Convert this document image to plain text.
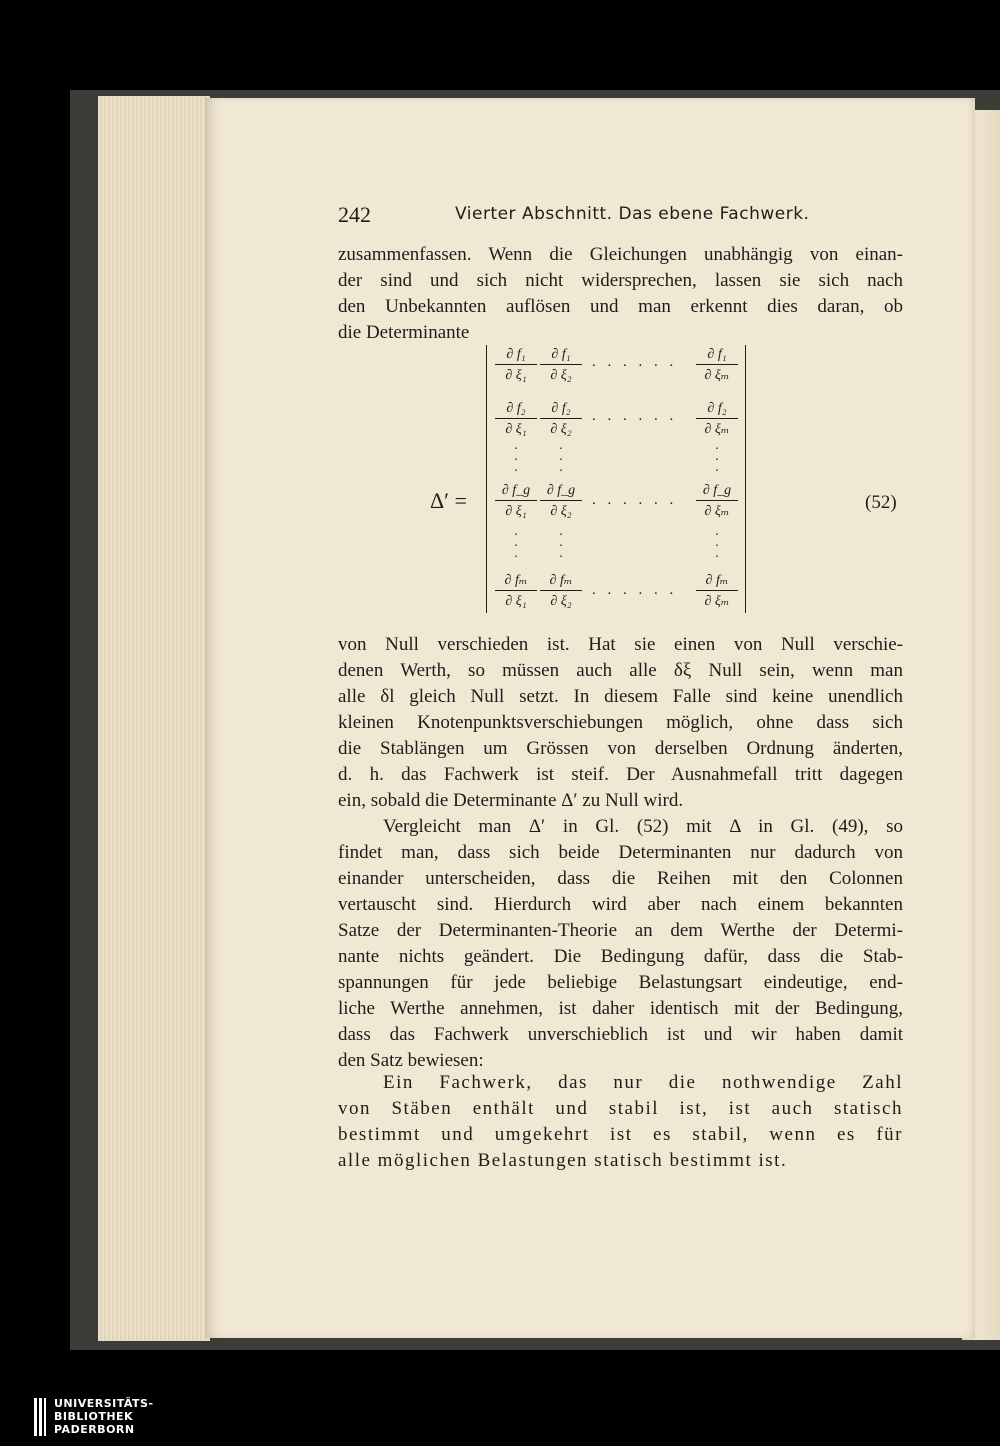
242	Vierter Abschnitt. Das ebene Fachwerk.
zusammenfassen. Wenn die Gleichungen unabhängig von einan-
der sind und sich nicht widersprechen, lassen sie sich nach
den Unbekannten auflösen und man erkennt dies daran, ob
die Determinante
Δ′ =	(52)
$\frac{\text{∂ f₁}}{\text{∂ ξ₁}} \frac{\text{∂ f₁}}{\text{∂ ξ₂}}$ . . . . . . $\frac{\text{∂ f₁}}{\text{∂ ξₘ}}$
$\frac{\text{∂ f₂}}{\text{∂ ξ₁}} \frac{\text{∂ f₂}}{\text{∂ ξ₂}}$ . . . . . . $\frac{\text{∂ f₂}}{\text{∂ ξₘ}}$
·
·
·
·
·
·
·
·
·
$\frac{\partial f\_g}{\text{∂ ξ₁}} \frac{\partial f\_g}{\text{∂ ξ₂}}$ . . . . . . $\frac{\partial f\_g}{\text{∂ ξₘ}}$
·
·
·
·
·
·
·
·
·
$\frac{\text{∂ fₘ}}{\text{∂ ξ₁}} \frac{\text{∂ fₘ}}{\text{∂ ξ₂}}$ . . . . . . $\frac{\text{∂ fₘ}}{\text{∂ ξₘ}}$
von Null verschieden ist. Hat sie einen von Null verschie-
denen Werth, so müssen auch alle δξ Null sein, wenn man
alle δl gleich Null setzt. In diesem Falle sind keine unendlich
kleinen Knotenpunktsverschiebungen möglich, ohne dass sich
die Stablängen um Grössen von derselben Ordnung änderten,
d. h. das Fachwerk ist steif. Der Ausnahmefall tritt dagegen
ein, sobald die Determinante Δ′ zu Null wird.
Vergleicht man Δ′ in Gl. (52) mit Δ in Gl. (49), so
findet man, dass sich beide Determinanten nur dadurch von
einander unterscheiden, dass die Reihen mit den Colonnen
vertauscht sind. Hierdurch wird aber nach einem bekannten
Satze der Determinanten-Theorie an dem Werthe der Determi-
nante nichts geändert. Die Bedingung dafür, dass die Stab-
spannungen für jede beliebige Belastungsart eindeutige, end-
liche Werthe annehmen, ist daher identisch mit der Bedingung,
dass das Fachwerk unverschieblich ist und wir haben damit
den Satz bewiesen:
Ein Fachwerk, das nur die nothwendige Zahl
von Stäben enthält und stabil ist, ist auch statisch
bestimmt und umgekehrt ist es stabil, wenn es für
alle möglichen Belastungen statisch bestimmt ist.
UNIVERSITÄTS-
BIBLIOTHEK
PADERBORN
